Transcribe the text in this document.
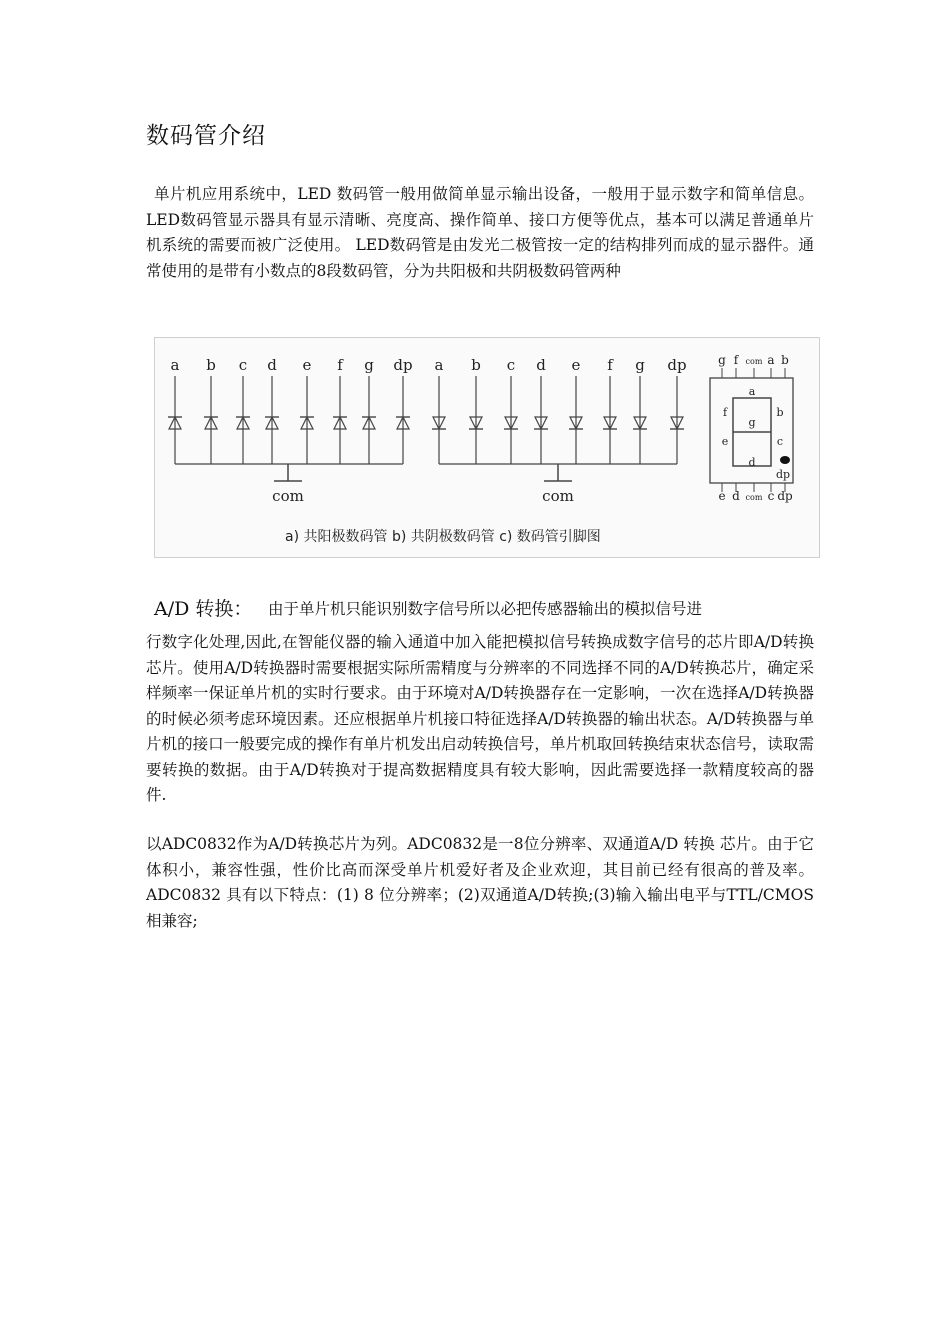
数码管介绍
单片机应用系统中，LED 数码管一般用做简单显示输出设备，一般用于显示数字和简单信息。LED数码管显示器具有显示清晰、亮度高、操作简单、接口方便等优点，基本可以满足普通单片机系统的需要而被广泛使用。 LED数码管是由发光二极管按一定的结构排列而成的显示器件。通常使用的是带有小数点的8段数码管，分为共阳极和共阴极数码管两种
a b c d e f g dp
com
a b c d e f g dp
com
g f com a b
e d com c dp
a
f	b
g
e	c
d
dp
a) 共阳极数码管 b) 共阴极数码管 c) 数码管引脚图
A/D 转换： 由于单片机只能识别数字信号所以必把传感器输出的模拟信号进
行数字化处理,因此,在智能仪器的输入通道中加入能把模拟信号转换成数字信号的芯片即A/D转换芯片。使用A/D转换器时需要根据实际所需精度与分辨率的不同选择不同的A/D转换芯片，确定采样频率一保证单片机的实时行要求。由于环境对A/D转换器存在一定影响，一次在选择A/D转换器的时候必须考虑环境因素。还应根据单片机接口特征选择A/D转换器的输出状态。A/D转换器与单片机的接口一般要完成的操作有单片机发出启动转换信号，单片机取回转换结束状态信号，读取需要转换的数据。由于A/D转换对于提高数据精度具有较大影响，因此需要选择一款精度较高的器件.
以ADC0832作为A/D转换芯片为列。ADC0832是一8位分辨率、双通道A/D 转换 芯片。由于它体积小，兼容性强，性价比高而深受单片机爱好者及企业欢迎，其目前已经有很高的普及率。ADC0832 具有以下特点：(1) 8 位分辨率；(2)双通道A/D转换;(3)输入输出电平与TTL/CMOS相兼容;
